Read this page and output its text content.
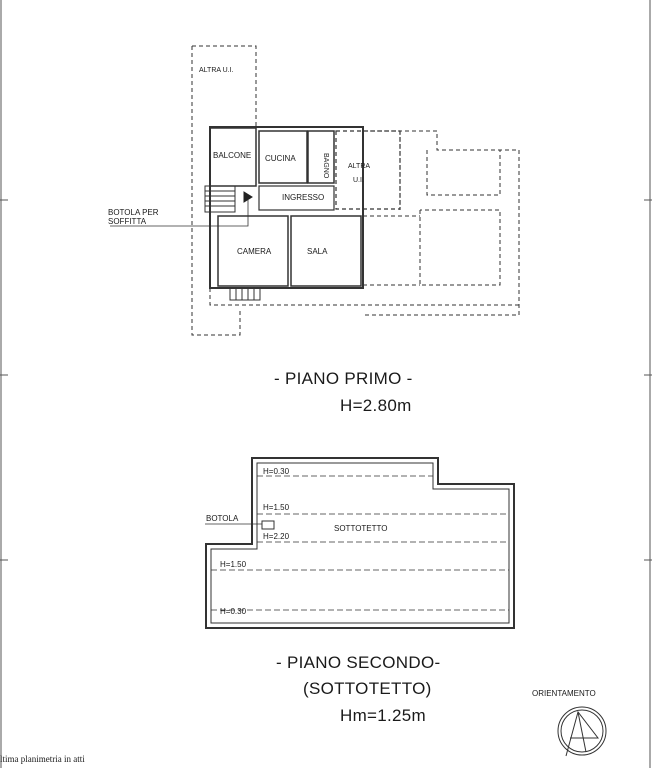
ALTRA U.I.
BALCONE CUCINA	BAGNO	ALTRA
U.I.
INGRESSO
CAMERA	SALA
BOTOLA PER
SOFFITTA
- PIANO PRIMO -
H=2.80m
H=0.30
H=1.50
H=2.20
H=1.50
H=0.30
SOTTOTETTO
BOTOLA
- PIANO SECONDO-
(SOTTOTETTO)
Hm=1.25m
ORIENTAMENTO
ltima planimetria in atti
